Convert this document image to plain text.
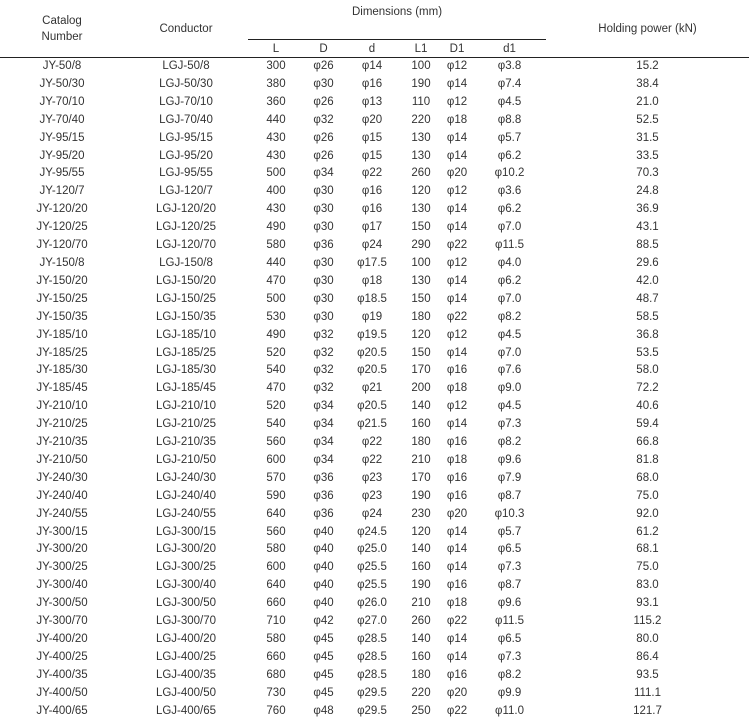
Catalog
Number	Conductor	Dimensions (mm)						Holding power (kN)
		L	D	d	L1	D1	d1	
JY-50/8	LGJ-50/8	300	φ26	φ14	100	φ12	φ3.8	15.2
JY-50/30	LGJ-50/30	380	φ30	φ16	190	φ14	φ7.4	38.4
JY-70/10	LGJ-70/10	360	φ26	φ13	110	φ12	φ4.5	21.0
JY-70/40	LGJ-70/40	440	φ32	φ20	220	φ18	φ8.8	52.5
JY-95/15	LGJ-95/15	430	φ26	φ15	130	φ14	φ5.7	31.5
JY-95/20	LGJ-95/20	430	φ26	φ15	130	φ14	φ6.2	33.5
JY-95/55	LGJ-95/55	500	φ34	φ22	260	φ20	φ10.2	70.3
JY-120/7	LGJ-120/7	400	φ30	φ16	120	φ12	φ3.6	24.8
JY-120/20	LGJ-120/20	430	φ30	φ16	130	φ14	φ6.2	36.9
JY-120/25	LGJ-120/25	490	φ30	φ17	150	φ14	φ7.0	43.1
JY-120/70	LGJ-120/70	580	φ36	φ24	290	φ22	φ11.5	88.5
JY-150/8	LGJ-150/8	440	φ30	φ17.5	100	φ12	φ4.0	29.6
JY-150/20	LGJ-150/20	470	φ30	φ18	130	φ14	φ6.2	42.0
JY-150/25	LGJ-150/25	500	φ30	φ18.5	150	φ14	φ7.0	48.7
JY-150/35	LGJ-150/35	530	φ30	φ19	180	φ22	φ8.2	58.5
JY-185/10	LGJ-185/10	490	φ32	φ19.5	120	φ12	φ4.5	36.8
JY-185/25	LGJ-185/25	520	φ32	φ20.5	150	φ14	φ7.0	53.5
JY-185/30	LGJ-185/30	540	φ32	φ20.5	170	φ16	φ7.6	58.0
JY-185/45	LGJ-185/45	470	φ32	φ21	200	φ18	φ9.0	72.2
JY-210/10	LGJ-210/10	520	φ34	φ20.5	140	φ12	φ4.5	40.6
JY-210/25	LGJ-210/25	540	φ34	φ21.5	160	φ14	φ7.3	59.4
JY-210/35	LGJ-210/35	560	φ34	φ22	180	φ16	φ8.2	66.8
JY-210/50	LGJ-210/50	600	φ34	φ22	210	φ18	φ9.6	81.8
JY-240/30	LGJ-240/30	570	φ36	φ23	170	φ16	φ7.9	68.0
JY-240/40	LGJ-240/40	590	φ36	φ23	190	φ16	φ8.7	75.0
JY-240/55	LGJ-240/55	640	φ36	φ24	230	φ20	φ10.3	92.0
JY-300/15	LGJ-300/15	560	φ40	φ24.5	120	φ14	φ5.7	61.2
JY-300/20	LGJ-300/20	580	φ40	φ25.0	140	φ14	φ6.5	68.1
JY-300/25	LGJ-300/25	600	φ40	φ25.5	160	φ14	φ7.3	75.0
JY-300/40	LGJ-300/40	640	φ40	φ25.5	190	φ16	φ8.7	83.0
JY-300/50	LGJ-300/50	660	φ40	φ26.0	210	φ18	φ9.6	93.1
JY-300/70	LGJ-300/70	710	φ42	φ27.0	260	φ22	φ11.5	115.2
JY-400/20	LGJ-400/20	580	φ45	φ28.5	140	φ14	φ6.5	80.0
JY-400/25	LGJ-400/25	660	φ45	φ28.5	160	φ14	φ7.3	86.4
JY-400/35	LGJ-400/35	680	φ45	φ28.5	180	φ16	φ8.2	93.5
JY-400/50	LGJ-400/50	730	φ45	φ29.5	220	φ20	φ9.9	111.1
JY-400/65	LGJ-400/65	760	φ48	φ29.5	250	φ22	φ11.0	121.7
